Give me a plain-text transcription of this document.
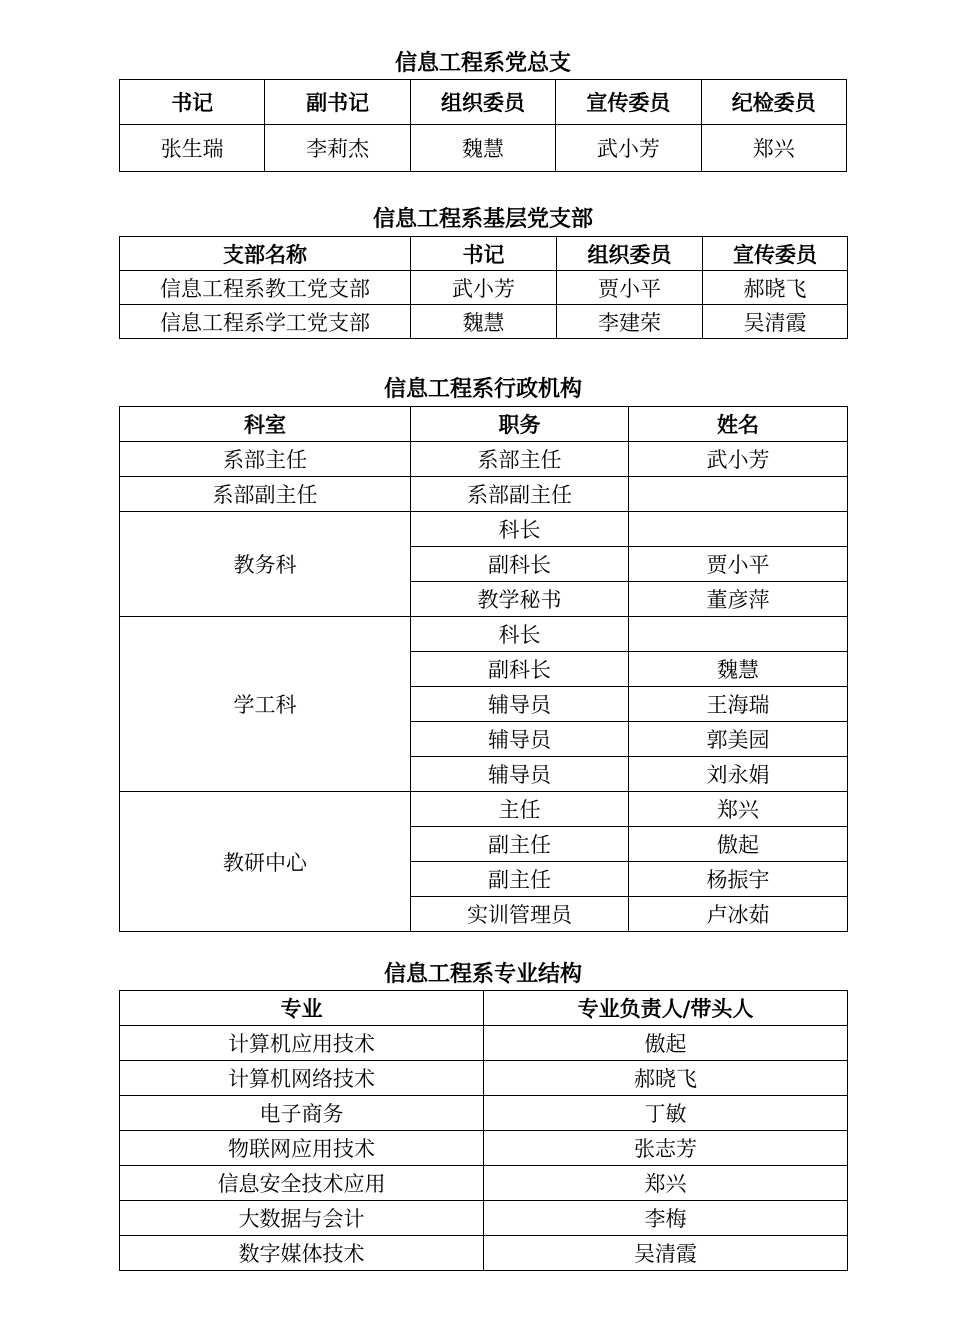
信息工程系党总支
书记	副书记	组织委员	宣传委员	纪检委员
张生瑞	李莉杰	魏慧	武小芳	郑兴
信息工程系基层党支部
支部名称	书记	组织委员	宣传委员
信息工程系教工党支部	武小芳	贾小平	郝晓飞
信息工程系学工党支部	魏慧	李建荣	吴清霞
信息工程系行政机构
科室	职务	姓名
系部主任	系部主任	武小芳
系部副主任	系部副主任	
教务科	科长	
	副科长	贾小平
	教学秘书	董彦萍
学工科	科长	
	副科长	魏慧
	辅导员	王海瑞
	辅导员	郭美园
	辅导员	刘永娟
教研中心	主任	郑兴
	副主任	傲起
	副主任	杨振宇
	实训管理员	卢冰茹
信息工程系专业结构
专业	专业负责人/带头人
计算机应用技术	傲起
计算机网络技术	郝晓飞
电子商务	丁敏
物联网应用技术	张志芳
信息安全技术应用	郑兴
大数据与会计	李梅
数字媒体技术	吴清霞
